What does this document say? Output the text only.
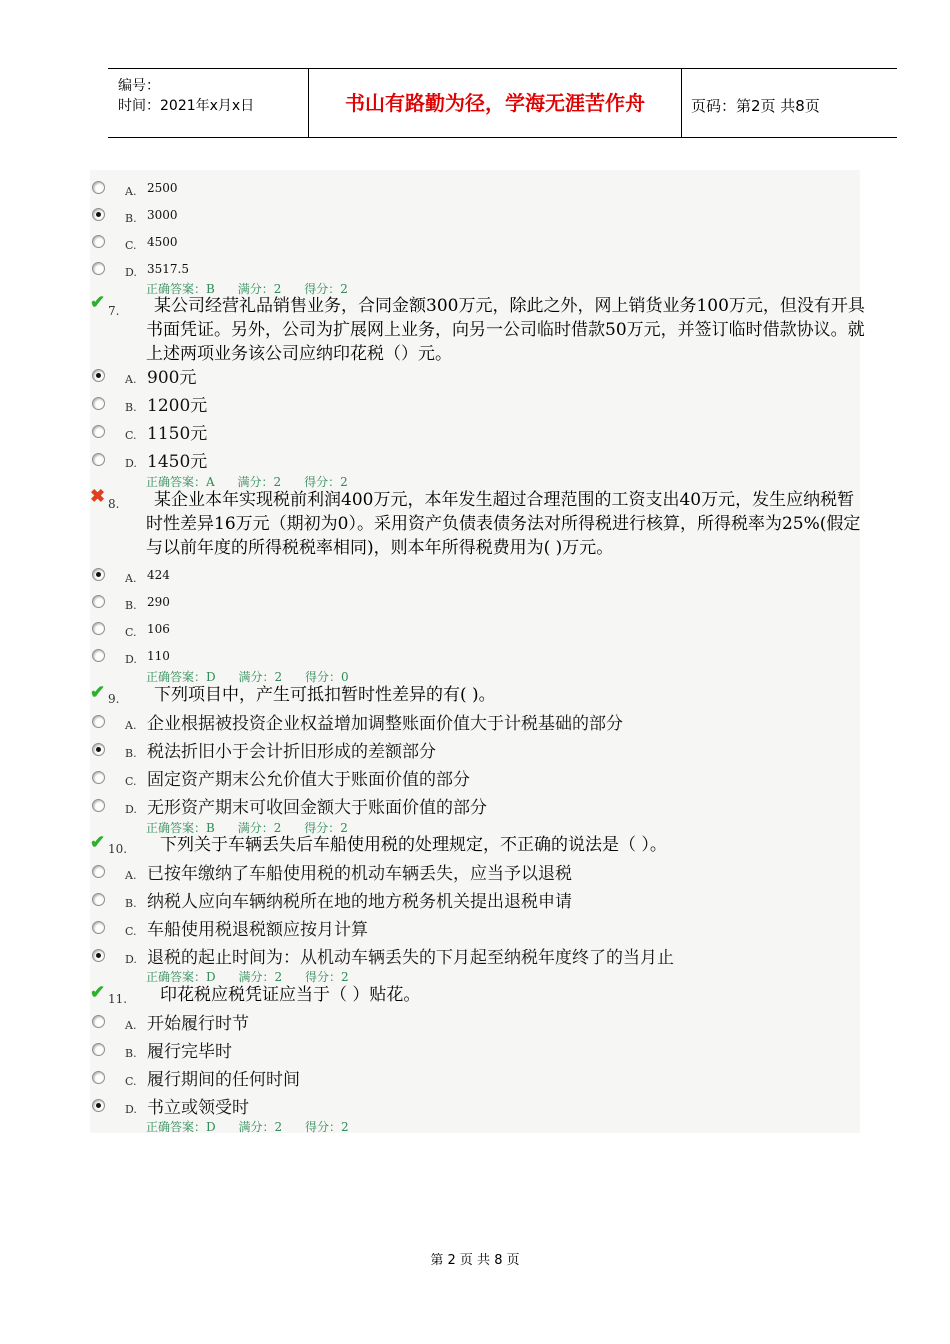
编号：
时间：2021年x月x日	书山有路勤为径，学海无涯苦作舟	页码：第2页 共8页
A. 2500
B. 3000
C. 4500
D. 3517.5
正确答案：B      满分：2      得分：2
✔ 7.	某公司经营礼品销售业务，合同金额300万元，除此之外，网上销货业务100万元，但没有开具书面凭证。另外，公司为扩展网上业务，向另一公司临时借款50万元，并签订临时借款协议。就上述两项业务该公司应纳印花税（）元。
A. 900元
B. 1200元
C. 1150元
D. 1450元
正确答案：A      满分：2      得分：2
✖ 8.	某企业本年实现税前利润400万元，本年发生超过合理范围的工资支出40万元，发生应纳税暂时性差异16万元（期初为0）。采用资产负债表债务法对所得税进行核算，所得税率为25%(假定与以前年度的所得税税率相同)，则本年所得税费用为( )万元。
A. 424
B. 290
C. 106
D. 110
正确答案：D      满分：2      得分：0
✔ 9.	下列项目中，产生可抵扣暂时性差异的有( )。
A. 企业根据被投资企业权益增加调整账面价值大于计税基础的部分
B. 税法折旧小于会计折旧形成的差额部分
C. 固定资产期末公允价值大于账面价值的部分
D. 无形资产期末可收回金额大于账面价值的部分
正确答案：B      满分：2      得分：2
✔ 10.	下列关于车辆丢失后车船使用税的处理规定，不正确的说法是（ ）。
A. 已按年缴纳了车船使用税的机动车辆丢失，应当予以退税
B. 纳税人应向车辆纳税所在地的地方税务机关提出退税申请
C. 车船使用税退税额应按月计算
D. 退税的起止时间为：从机动车辆丢失的下月起至纳税年度终了的当月止
正确答案：D      满分：2      得分：2
✔ 11.	印花税应税凭证应当于（ ）贴花。
A. 开始履行时节
B. 履行完毕时
C. 履行期间的任何时间
D. 书立或领受时
正确答案：D      满分：2      得分：2
第 2 页 共 8 页
